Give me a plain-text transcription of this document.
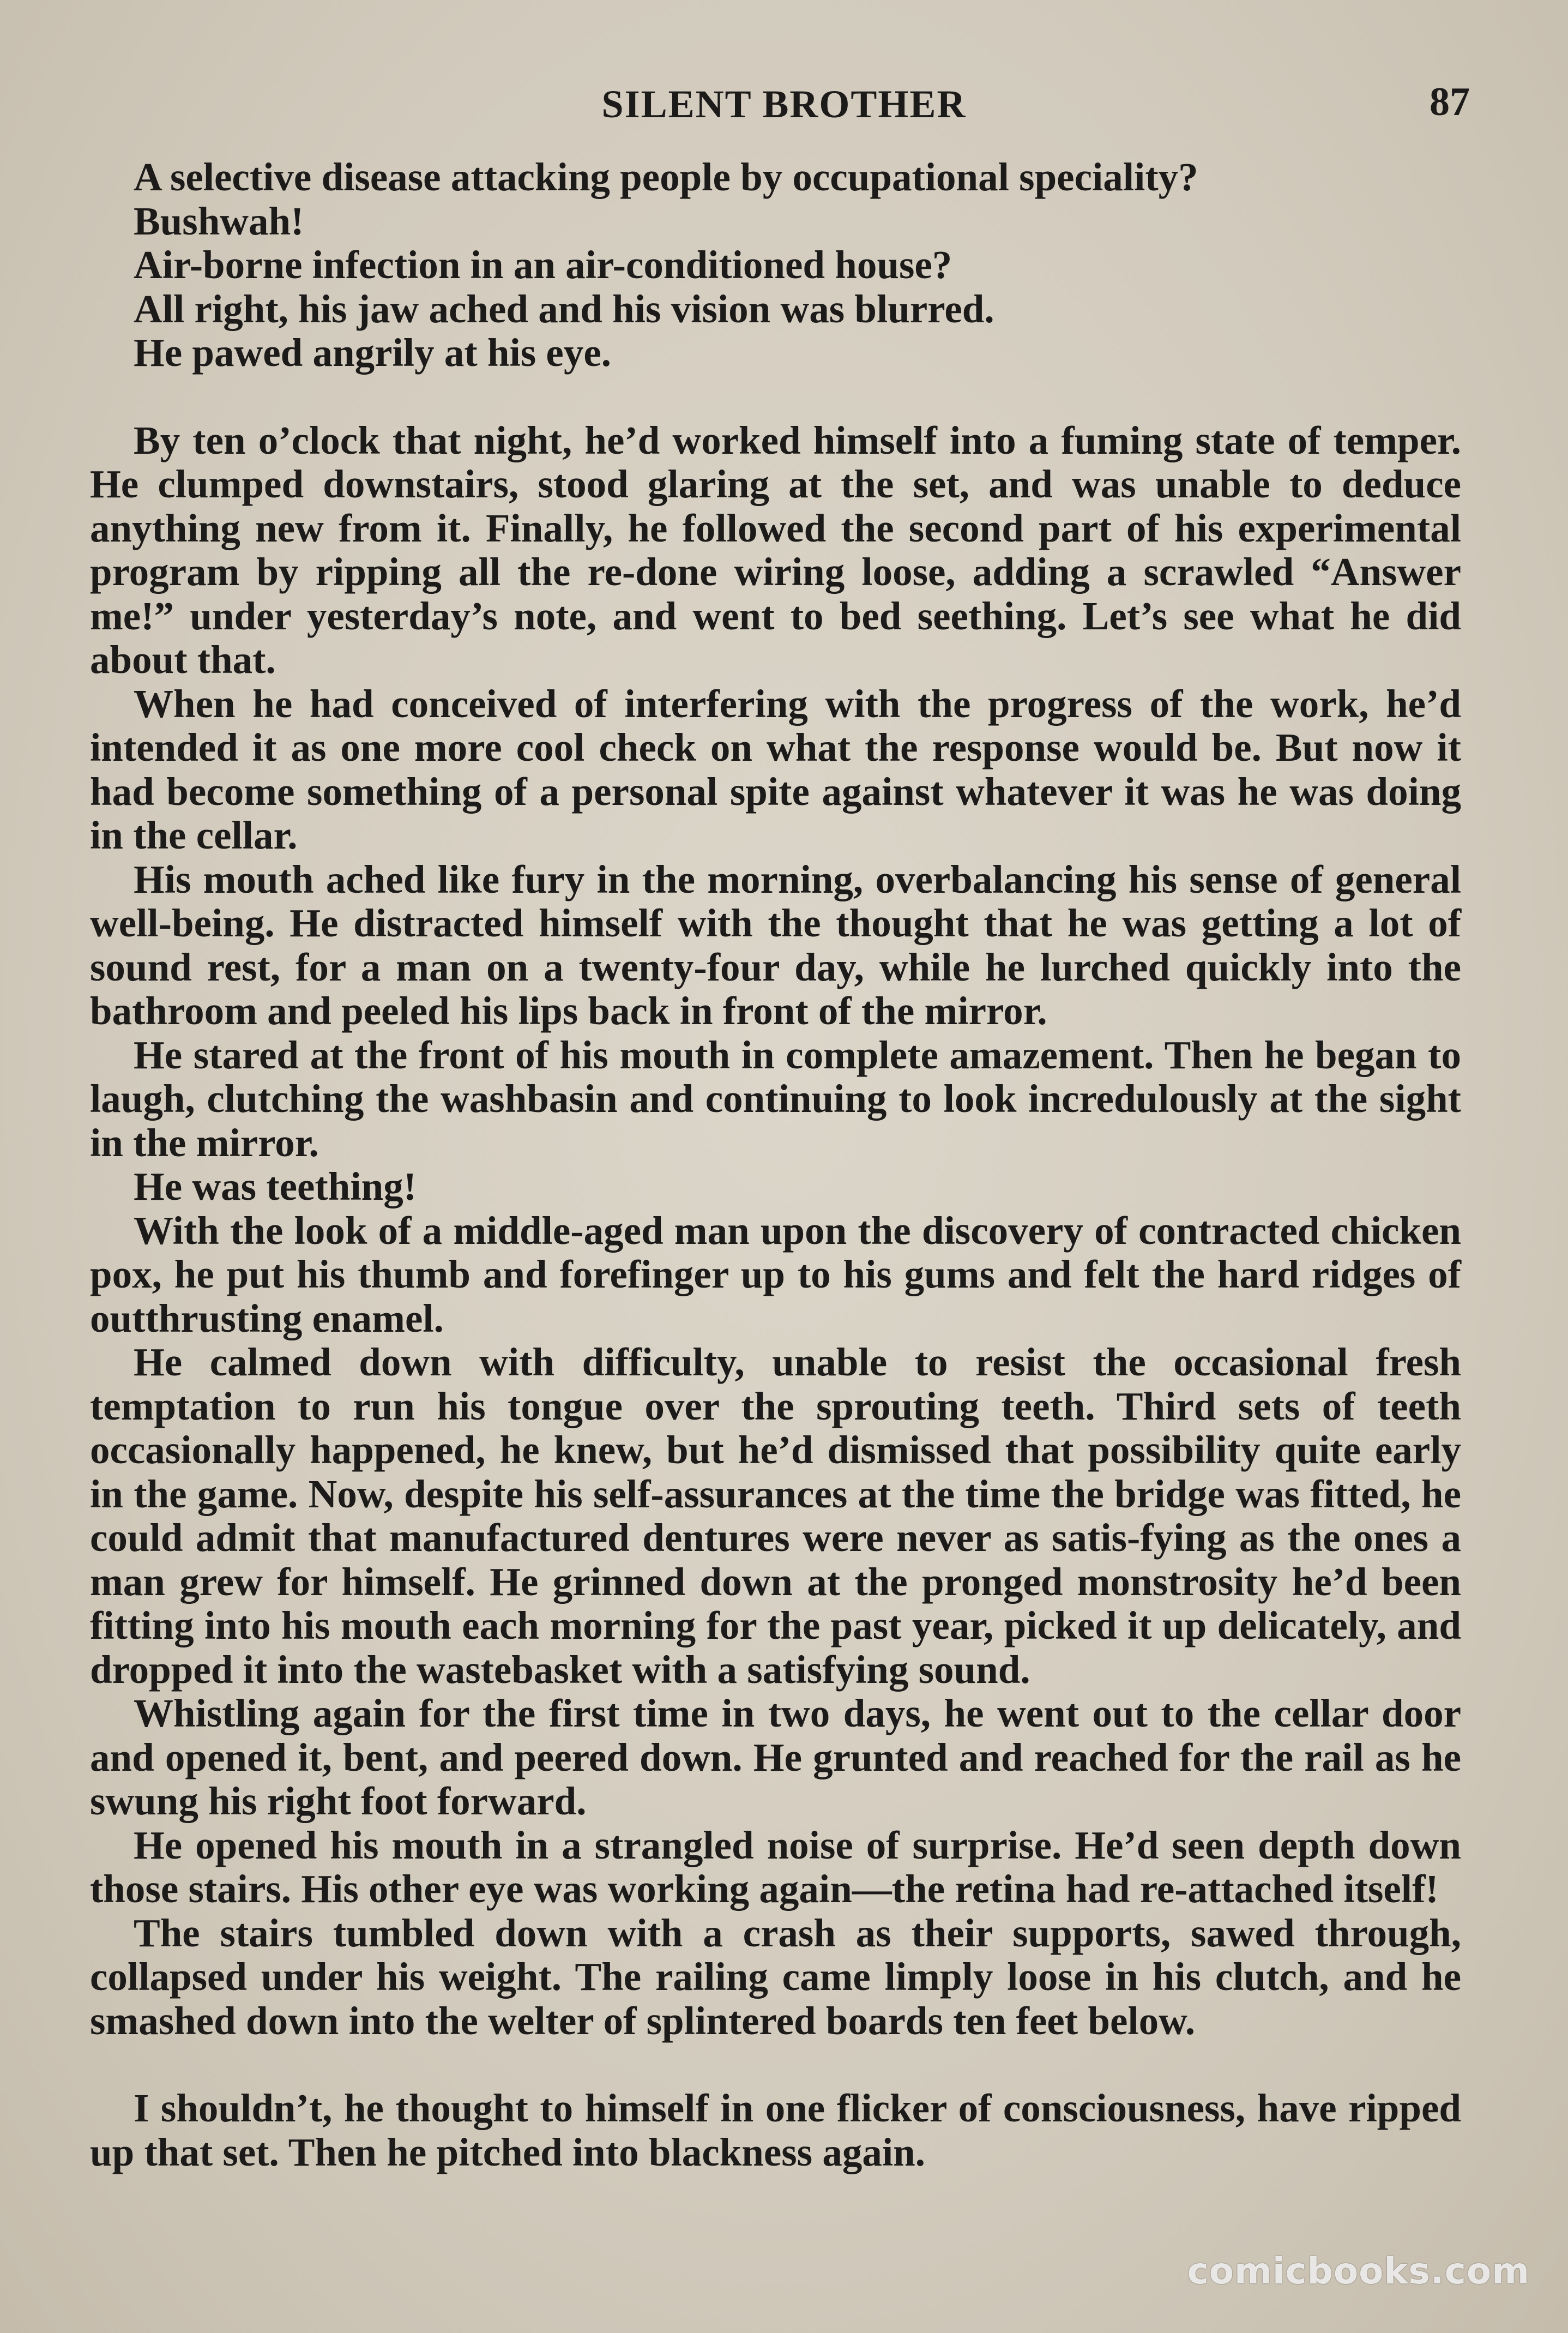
SILENT BROTHER	87

A selective disease attacking people by occupational speciality?

Bushwah!

Air-borne infection in an air-conditioned house?

All right, his jaw ached and his vision was blurred.

He pawed angrily at his eye.

By ten o’clock that night, he’d worked himself into a fuming state of temper. He clumped downstairs, stood glaring at the set, and was unable to deduce anything new from it. Finally, he followed the second part of his experimental program by ripping all the re-done wiring loose, adding a scrawled “Answer me!” under yesterday’s note, and went to bed seething. Let’s see what he did about that.

When he had conceived of interfering with the progress of the work, he’d intended it as one more cool check on what the response would be. But now it had become something of a personal spite against whatever it was he was doing in the cellar.

His mouth ached like fury in the morning, overbalancing his sense of general well-being. He distracted himself with the thought that he was getting a lot of sound rest, for a man on a twenty-four day, while he lurched quickly into the bathroom and peeled his lips back in front of the mirror.

He stared at the front of his mouth in complete amazement. Then he began to laugh, clutching the washbasin and continuing to look incredulously at the sight in the mirror.

He was teething!

With the look of a middle-aged man upon the discovery of contracted chicken pox, he put his thumb and forefinger up to his gums and felt the hard ridges of outthrusting enamel.

He calmed down with difficulty, unable to resist the occasional fresh temptation to run his tongue over the sprouting teeth. Third sets of teeth occasionally happened, he knew, but he’d dismissed that possibility quite early in the game. Now, despite his self-assurances at the time the bridge was fitted, he could admit that manufactured dentures were never as satis-fying as the ones a man grew for himself. He grinned down at the pronged monstrosity he’d been fitting into his mouth each morning for the past year, picked it up delicately, and dropped it into the wastebasket with a satisfying sound.

Whistling again for the first time in two days, he went out to the cellar door and opened it, bent, and peered down. He grunted and reached for the rail as he swung his right foot forward.

He opened his mouth in a strangled noise of surprise. He’d seen depth down those stairs. His other eye was working again—the retina had re-attached itself!

The stairs tumbled down with a crash as their supports, sawed through, collapsed under his weight. The railing came limply loose in his clutch, and he smashed down into the welter of splintered boards ten feet below.

I shouldn’t, he thought to himself in one flicker of consciousness, have ripped up that set. Then he pitched into blackness again.

comicbooks.com
